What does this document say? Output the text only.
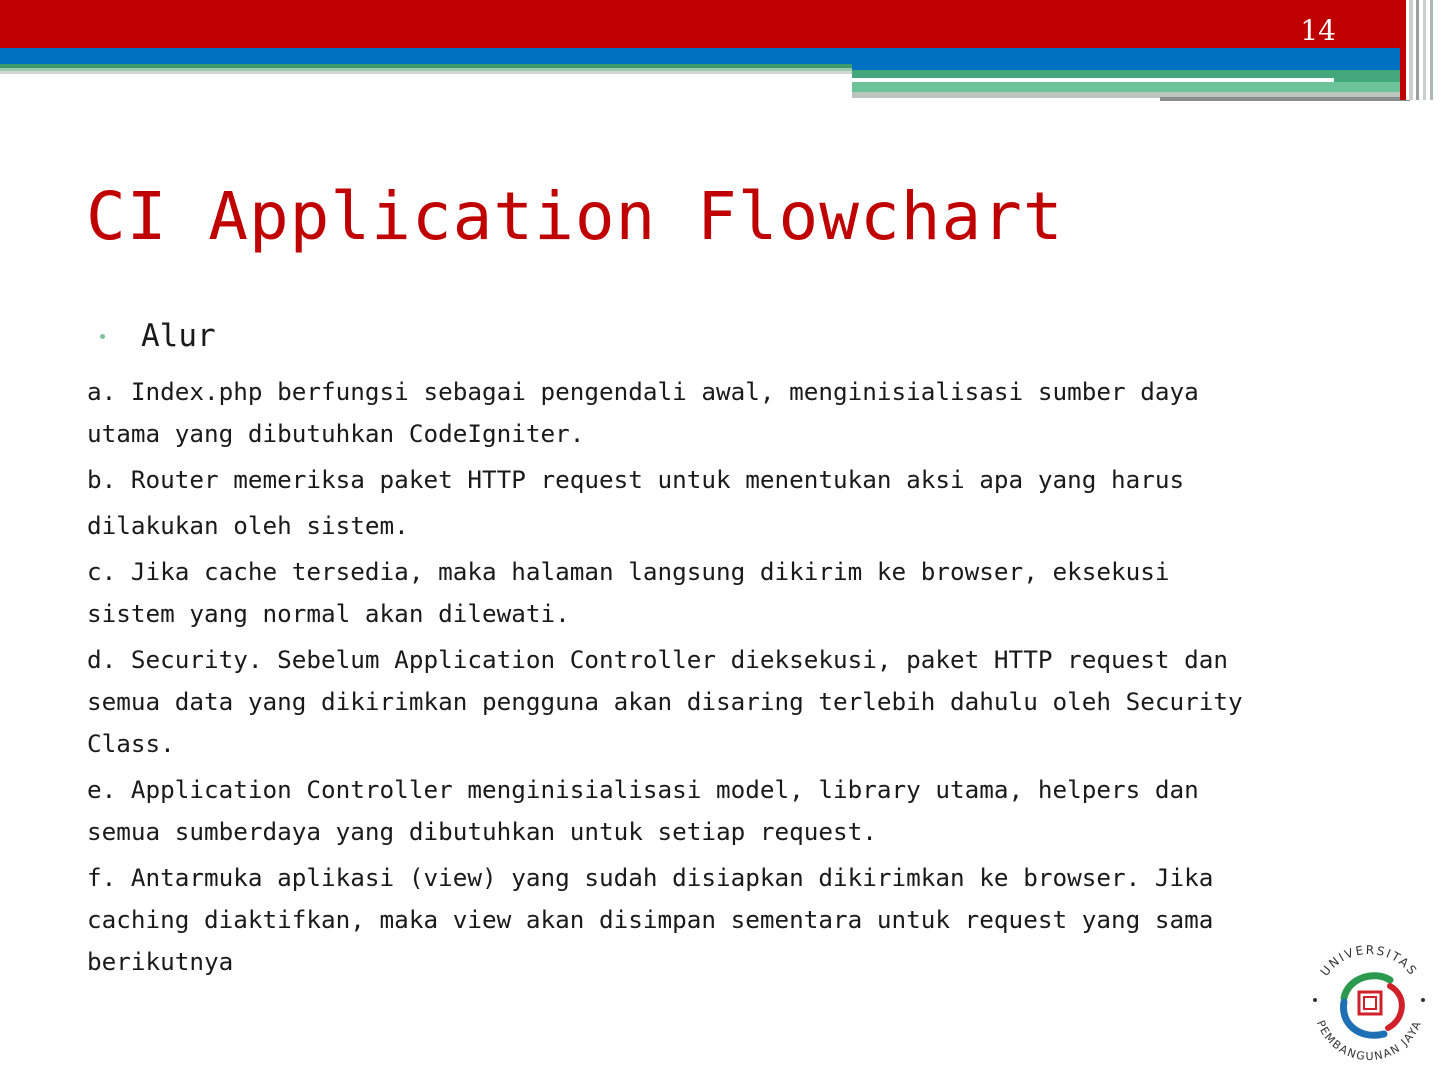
14
CI Application Flowchart
Alur
a. Index.php berfungsi sebagai pengendali awal, menginisialisasi sumber daya
utama yang dibutuhkan CodeIgniter.
b. Router memeriksa paket HTTP request untuk menentukan aksi apa yang harus
dilakukan oleh sistem.
c. Jika cache tersedia, maka halaman langsung dikirim ke browser, eksekusi
sistem yang normal akan dilewati.
d. Security. Sebelum Application Controller dieksekusi, paket HTTP request dan
semua data yang dikirimkan pengguna akan disaring terlebih dahulu oleh Security
Class.
e. Application Controller menginisialisasi model, library utama, helpers dan
semua sumberdaya yang dibutuhkan untuk setiap request.
f. Antarmuka aplikasi (view) yang sudah disiapkan dikirimkan ke browser. Jika
caching diaktifkan, maka view akan disimpan sementara untuk request yang sama
berikutnya	UNIVERSITAS
PEMBANGUNAN JAYA
